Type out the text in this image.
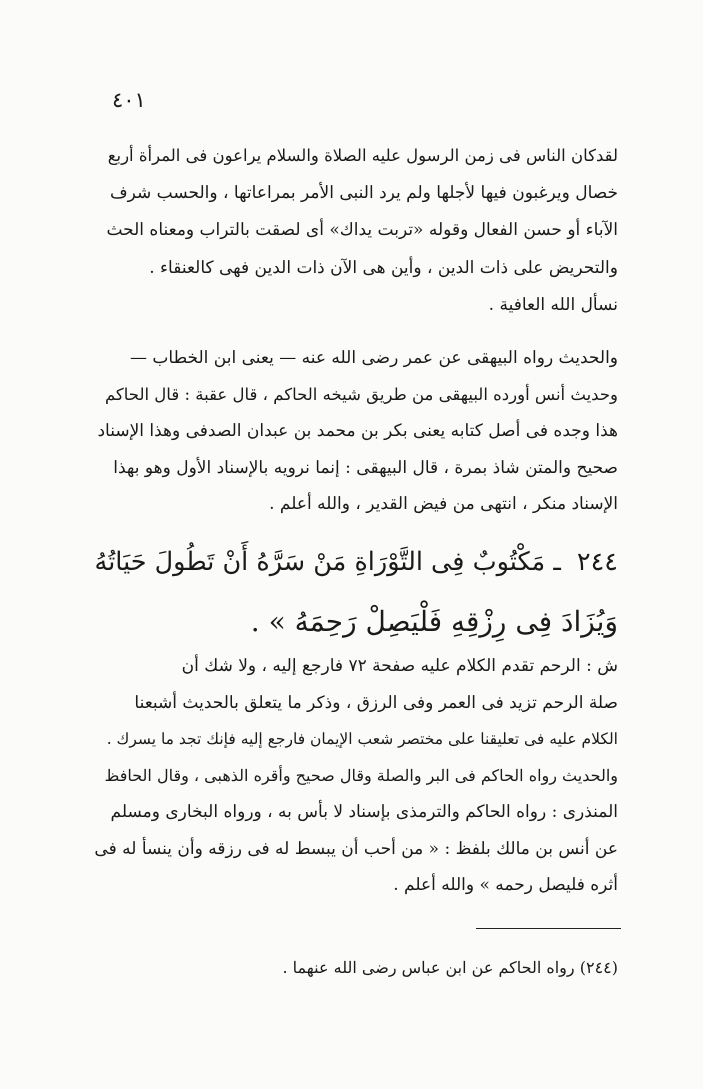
٤٠١
لقدكان الناس فى زمن الرسول عليه الصلاة والسلام يراعون فى المرأة أربع
خصال ويرغبون فيها لأجلها ولم يرد النبى الأمر بمراعاتها ، والحسب شرف
الآباء أو حسن الفعال وقوله «تربت يداك» أى لصقت بالتراب ومعناه الحث
والتحريض على ذات الدين ، وأين هى الآن ذات الدين فهى كالعنقاء .
نسأل الله العافية .
والحديث رواه البيهقى عن عمر رضى الله عنه — يعنى ابن الخطاب —
وحديث أنس أورده البيهقى من طريق شيخه الحاكم ، قال عقبة : قال الحاكم
هذا وجده فى أصل كتابه يعنى بكر بن محمد بن عبدان الصدفى وهذا الإسناد
صحيح والمتن شاذ بمرة ، قال البيهقى : إنما نرويه بالإسناد الأول وهو بهذا
الإسناد منكر ، انتهى من فيض القدير ، والله أعلم .
٢٤٤ ـ مَكْتُوبٌ فِى التَّوْرَاةِ مَنْ سَرَّهُ أَنْ تَطُولَ حَيَاتُهُ
وَيُزَادَ فِى رِزْقِهِ فَلْيَصِلْ رَحِمَهُ » .
ش : الرحم تقدم الكلام عليه صفحة ٧٢ فارجع إليه ، ولا شك أن
صلة الرحم تزيد فى العمر وفى الرزق ، وذكر ما يتعلق بالحديث أشبعنا
الكلام عليه فى تعليقنا على مختصر شعب الإيمان فارجع إليه فإنك تجد ما يسرك .
والحديث رواه الحاكم فى البر والصلة وقال صحيح وأقره الذهبى ، وقال الحافظ
المنذرى : رواه الحاكم والترمذى بإسناد لا بأس به ، ورواه البخارى ومسلم
عن أنس بن مالك بلفظ : « من أحب أن يبسط له فى رزقه وأن ينسأ له فى
أثره فليصل رحمه » والله أعلم .
(٢٤٤) رواه الحاكم عن ابن عباس رضى الله عنهما .
